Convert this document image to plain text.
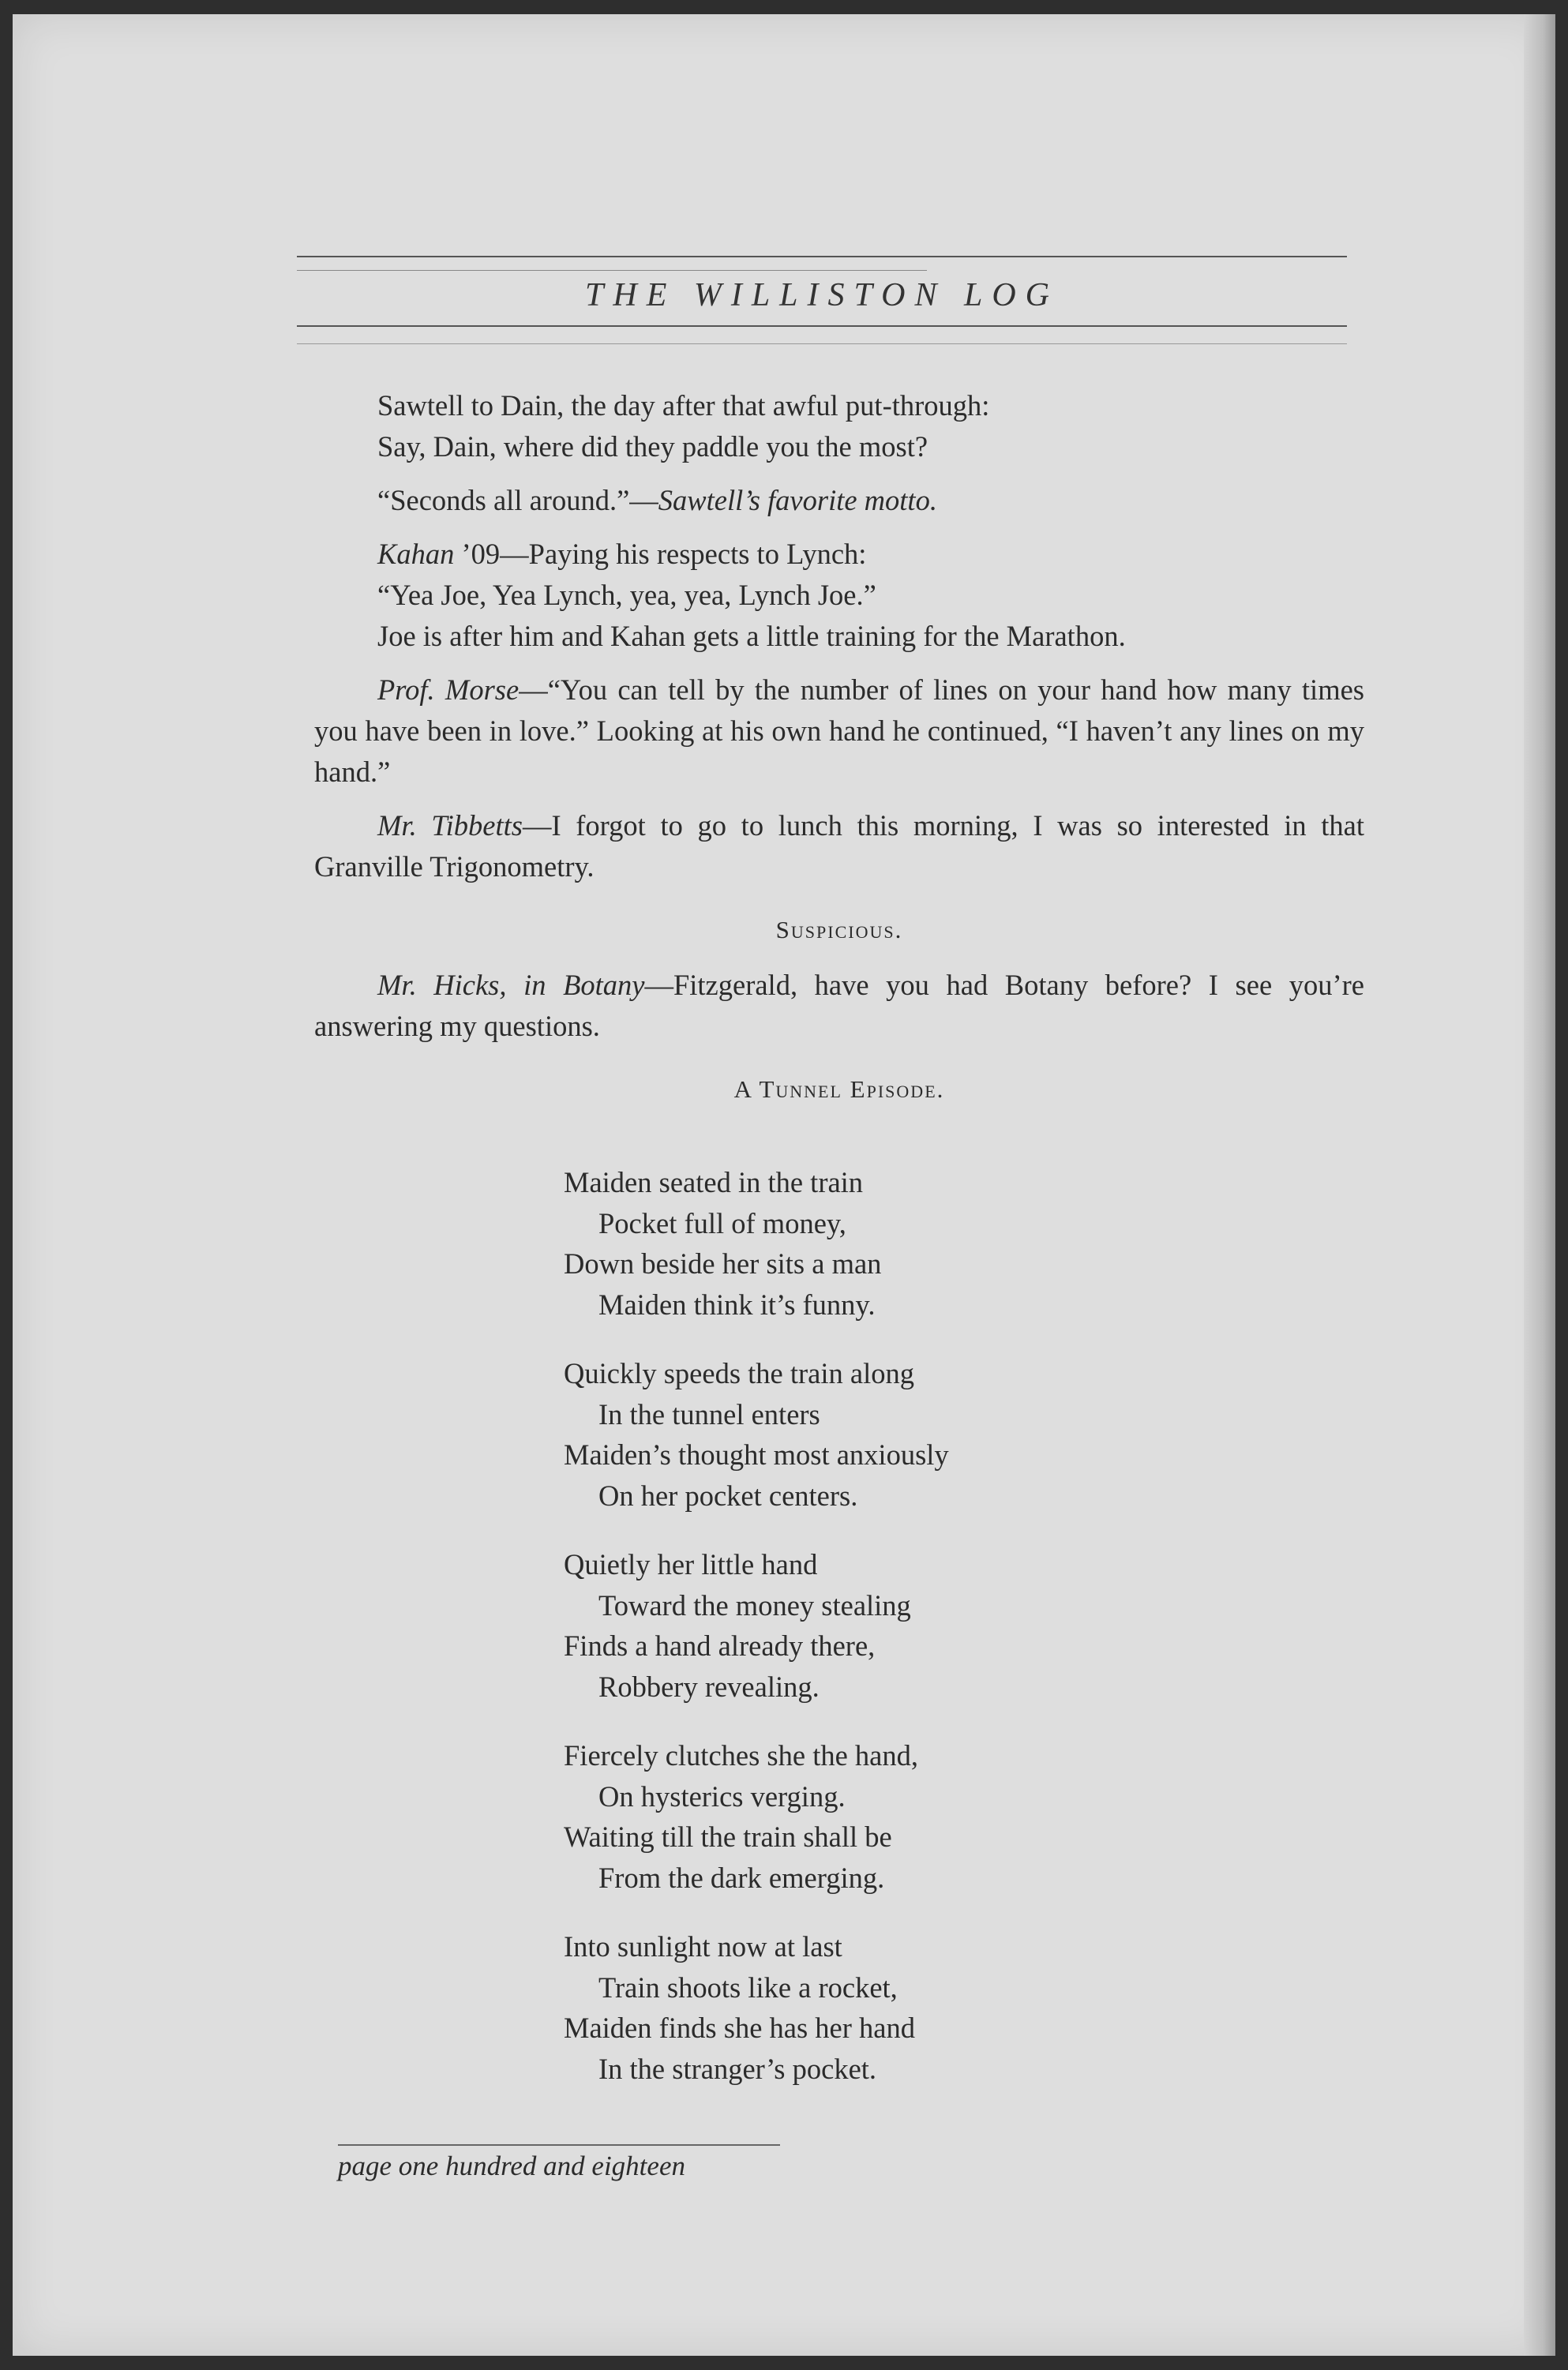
THE WILLISTON LOG

Sawtell to Dain, the day after that awful put-through:

Say, Dain, where did they paddle you the most?

“Seconds all around.”—Sawtell’s favorite motto.

Kahan ’09—Paying his respects to Lynch:

“Yea Joe, Yea Lynch, yea, yea, Lynch Joe.”

Joe is after him and Kahan gets a little training for the Marathon.

Prof. Morse—“You can tell by the number of lines on your hand how many times you have been in love.” Looking at his own hand he continued, “I haven’t any lines on my hand.”

Mr. Tibbetts—I forgot to go to lunch this morning, I was so interested in that Granville Trigonometry.

Suspicious.

Mr. Hicks, in Botany—Fitzgerald, have you had Botany before? I see you’re answering my questions.

A Tunnel Episode.
Maiden seated in the train
Pocket full of money,
Down beside her sits a man
Maiden think it’s funny.
Quickly speeds the train along
In the tunnel enters
Maiden’s thought most anxiously
On her pocket centers.
Quietly her little hand
Toward the money stealing
Finds a hand already there,
Robbery revealing.
Fiercely clutches she the hand,
On hysterics verging.
Waiting till the train shall be
From the dark emerging.
Into sunlight now at last
Train shoots like a rocket,
Maiden finds she has her hand
In the stranger’s pocket.
page one hundred and eighteen
